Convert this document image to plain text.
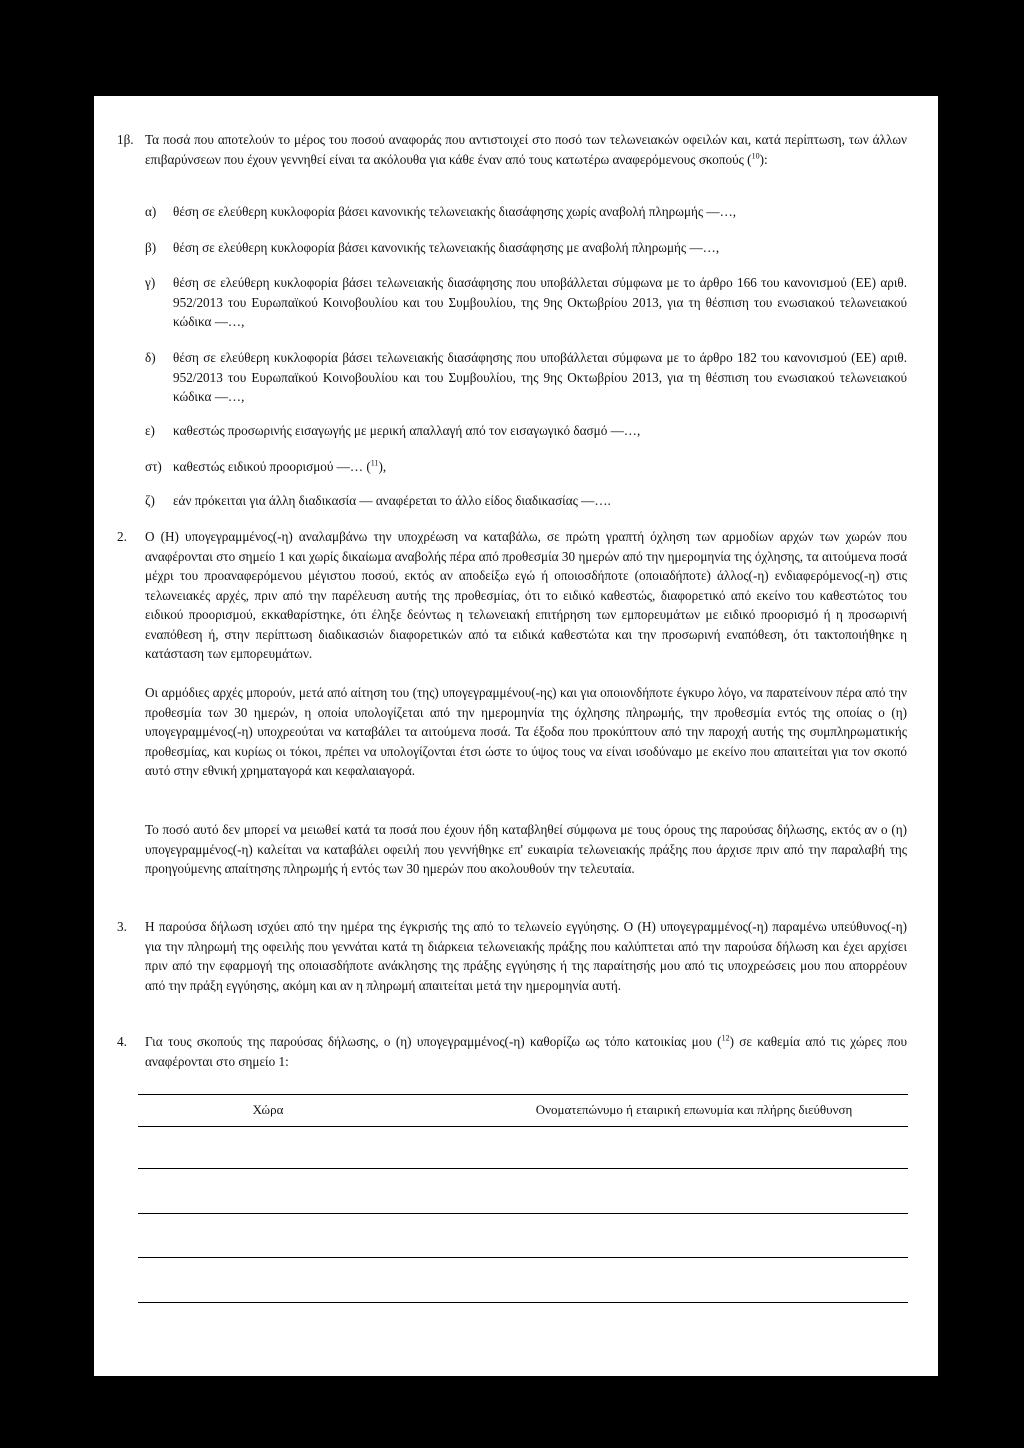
1β. Τα ποσά που αποτελούν το μέρος του ποσού αναφοράς που αντιστοιχεί στο ποσό των τελωνειακών οφειλών και, κατά περίπτωση, των άλλων επιβαρύνσεων που έχουν γεννηθεί είναι τα ακόλουθα για κάθε έναν από τους κατωτέρω αναφερόμενους σκοπούς ($^{10}$):
α) θέση σε ελεύθερη κυκλοφορία βάσει κανονικής τελωνειακής διασάφησης χωρίς αναβολή πληρωμής —…,
β) θέση σε ελεύθερη κυκλοφορία βάσει κανονικής τελωνειακής διασάφησης με αναβολή πληρωμής —…,
γ) θέση σε ελεύθερη κυκλοφορία βάσει τελωνειακής διασάφησης που υποβάλλεται σύμφωνα με το άρθρο 166 του κανονισμού (ΕΕ) αριθ. 952/2013 του Ευρωπαϊκού Κοινοβουλίου και του Συμβουλίου, της 9ης Οκτωβρίου 2013, για τη θέσπιση του ενωσιακού τελωνειακού κώδικα —…,
δ) θέση σε ελεύθερη κυκλοφορία βάσει τελωνειακής διασάφησης που υποβάλλεται σύμφωνα με το άρθρο 182 του κανονισμού (ΕΕ) αριθ. 952/2013 του Ευρωπαϊκού Κοινοβουλίου και του Συμβουλίου, της 9ης Οκτωβρίου 2013, για τη θέσπιση του ενωσιακού τελωνειακού κώδικα —…,
ε) καθεστώς προσωρινής εισαγωγής με μερική απαλλαγή από τον εισαγωγικό δασμό —…,
στ) καθεστώς ειδικού προορισμού —… ($^{11}$),
ζ) εάν πρόκειται για άλλη διαδικασία — αναφέρεται το άλλο είδος διαδικασίας —….
2. Ο (Η) υπογεγραμμένος(-η) αναλαμβάνω την υποχρέωση να καταβάλω, σε πρώτη γραπτή όχληση των αρμοδίων αρχών των χωρών που αναφέρονται στο σημείο 1 και χωρίς δικαίωμα αναβολής πέρα από προθεσμία 30 ημερών από την ημερομηνία της όχλησης, τα αιτούμενα ποσά μέχρι του προαναφερόμενου μέγιστου ποσού, εκτός αν αποδείξω εγώ ή οποιοσδήποτε (οποιαδήποτε) άλλος(-η) ενδιαφερόμενος(-η) στις τελωνειακές αρχές, πριν από την παρέλευση αυτής της προθεσμίας, ότι το ειδικό καθεστώς, διαφορετικό από εκείνο του καθεστώτος του ειδικού προορισμού, εκκαθαρίστηκε, ότι έληξε δεόντως η τελωνειακή επιτήρηση των εμπορευμάτων με ειδικό προορισμό ή η προσωρινή εναπόθεση ή, στην περίπτωση διαδικασιών διαφορετικών από τα ειδικά καθεστώτα και την προσωρινή εναπόθεση, ότι τακτοποιήθηκε η κατάσταση των εμπορευμάτων.
Οι αρμόδιες αρχές μπορούν, μετά από αίτηση του (της) υπογεγραμμένου(-ης) και για οποιονδήποτε έγκυρο λόγο, να παρατείνουν πέρα από την προθεσμία των 30 ημερών, η οποία υπολογίζεται από την ημερομηνία της όχλησης πληρωμής, την προθεσμία εντός της οποίας ο (η) υπογεγραμμένος(-η) υποχρεούται να καταβάλει τα αιτούμενα ποσά. Τα έξοδα που προκύπτουν από την παροχή αυτής της συμπληρωματικής προθεσμίας, και κυρίως οι τόκοι, πρέπει να υπολογίζονται έτσι ώστε το ύψος τους να είναι ισοδύναμο με εκείνο που απαιτείται για τον σκοπό αυτό στην εθνική χρηματαγορά και κεφαλαιαγορά.
Το ποσό αυτό δεν μπορεί να μειωθεί κατά τα ποσά που έχουν ήδη καταβληθεί σύμφωνα με τους όρους της παρούσας δήλωσης, εκτός αν ο (η) υπογεγραμμένος(-η) καλείται να καταβάλει οφειλή που γεννήθηκε επ' ευκαιρία τελωνειακής πράξης που άρχισε πριν από την παραλαβή της προηγούμενης απαίτησης πληρωμής ή εντός των 30 ημερών που ακολουθούν την τελευταία.
3. Η παρούσα δήλωση ισχύει από την ημέρα της έγκρισής της από το τελωνείο εγγύησης. Ο (Η) υπογεγραμμένος(-η) παραμένω υπεύθυνος(-η) για την πληρωμή της οφειλής που γεννάται κατά τη διάρκεια τελωνειακής πράξης που καλύπτεται από την παρούσα δήλωση και έχει αρχίσει πριν από την εφαρμογή της οποιασδήποτε ανάκλησης της πράξης εγγύησης ή της παραίτησής μου από τις υποχρεώσεις μου που απορρέουν από την πράξη εγγύησης, ακόμη και αν η πληρωμή απαιτείται μετά την ημερομηνία αυτή.
4. Για τους σκοπούς της παρούσας δήλωσης, ο (η) υπογεγραμμένος(-η) καθορίζω ως τόπο κατοικίας μου ($^{12}$) σε καθεμία από τις χώρες που αναφέρονται στο σημείο 1:
Χώρα	Ονοματεπώνυμο ή εταιρική επωνυμία και πλήρης διεύθυνση
